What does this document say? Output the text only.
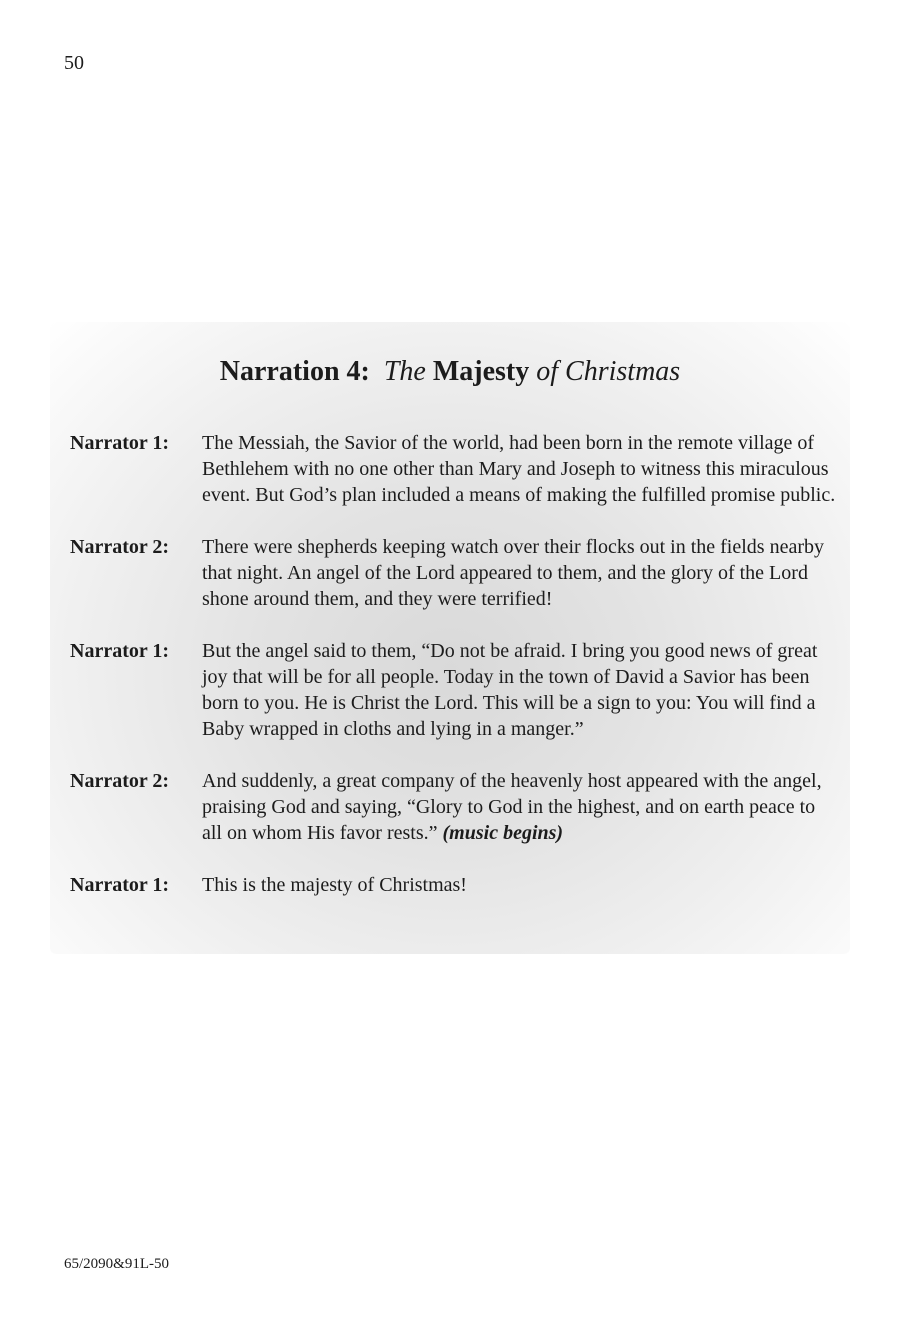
50
Narration 4: The Majesty of Christmas
Narrator 1:	The Messiah, the Savior of the world, had been born in the remote village of Bethlehem with no one other than Mary and Joseph to witness this miraculous event. But God’s plan included a means of making the fulfilled promise public.
Narrator 2:	There were shepherds keeping watch over their flocks out in the fields nearby that night. An angel of the Lord appeared to them, and the glory of the Lord shone around them, and they were terrified!
Narrator 1:	But the angel said to them, “Do not be afraid. I bring you good news of great joy that will be for all people. Today in the town of David a Savior has been born to you. He is Christ the Lord. This will be a sign to you: You will find a Baby wrapped in cloths and lying in a manger.”
Narrator 2:	And suddenly, a great company of the heavenly host appeared with the angel, praising God and saying, “Glory to God in the highest, and on earth peace to all on whom His favor rests.” (music begins)
Narrator 1:	This is the majesty of Christmas!
65/2090&91L-50
